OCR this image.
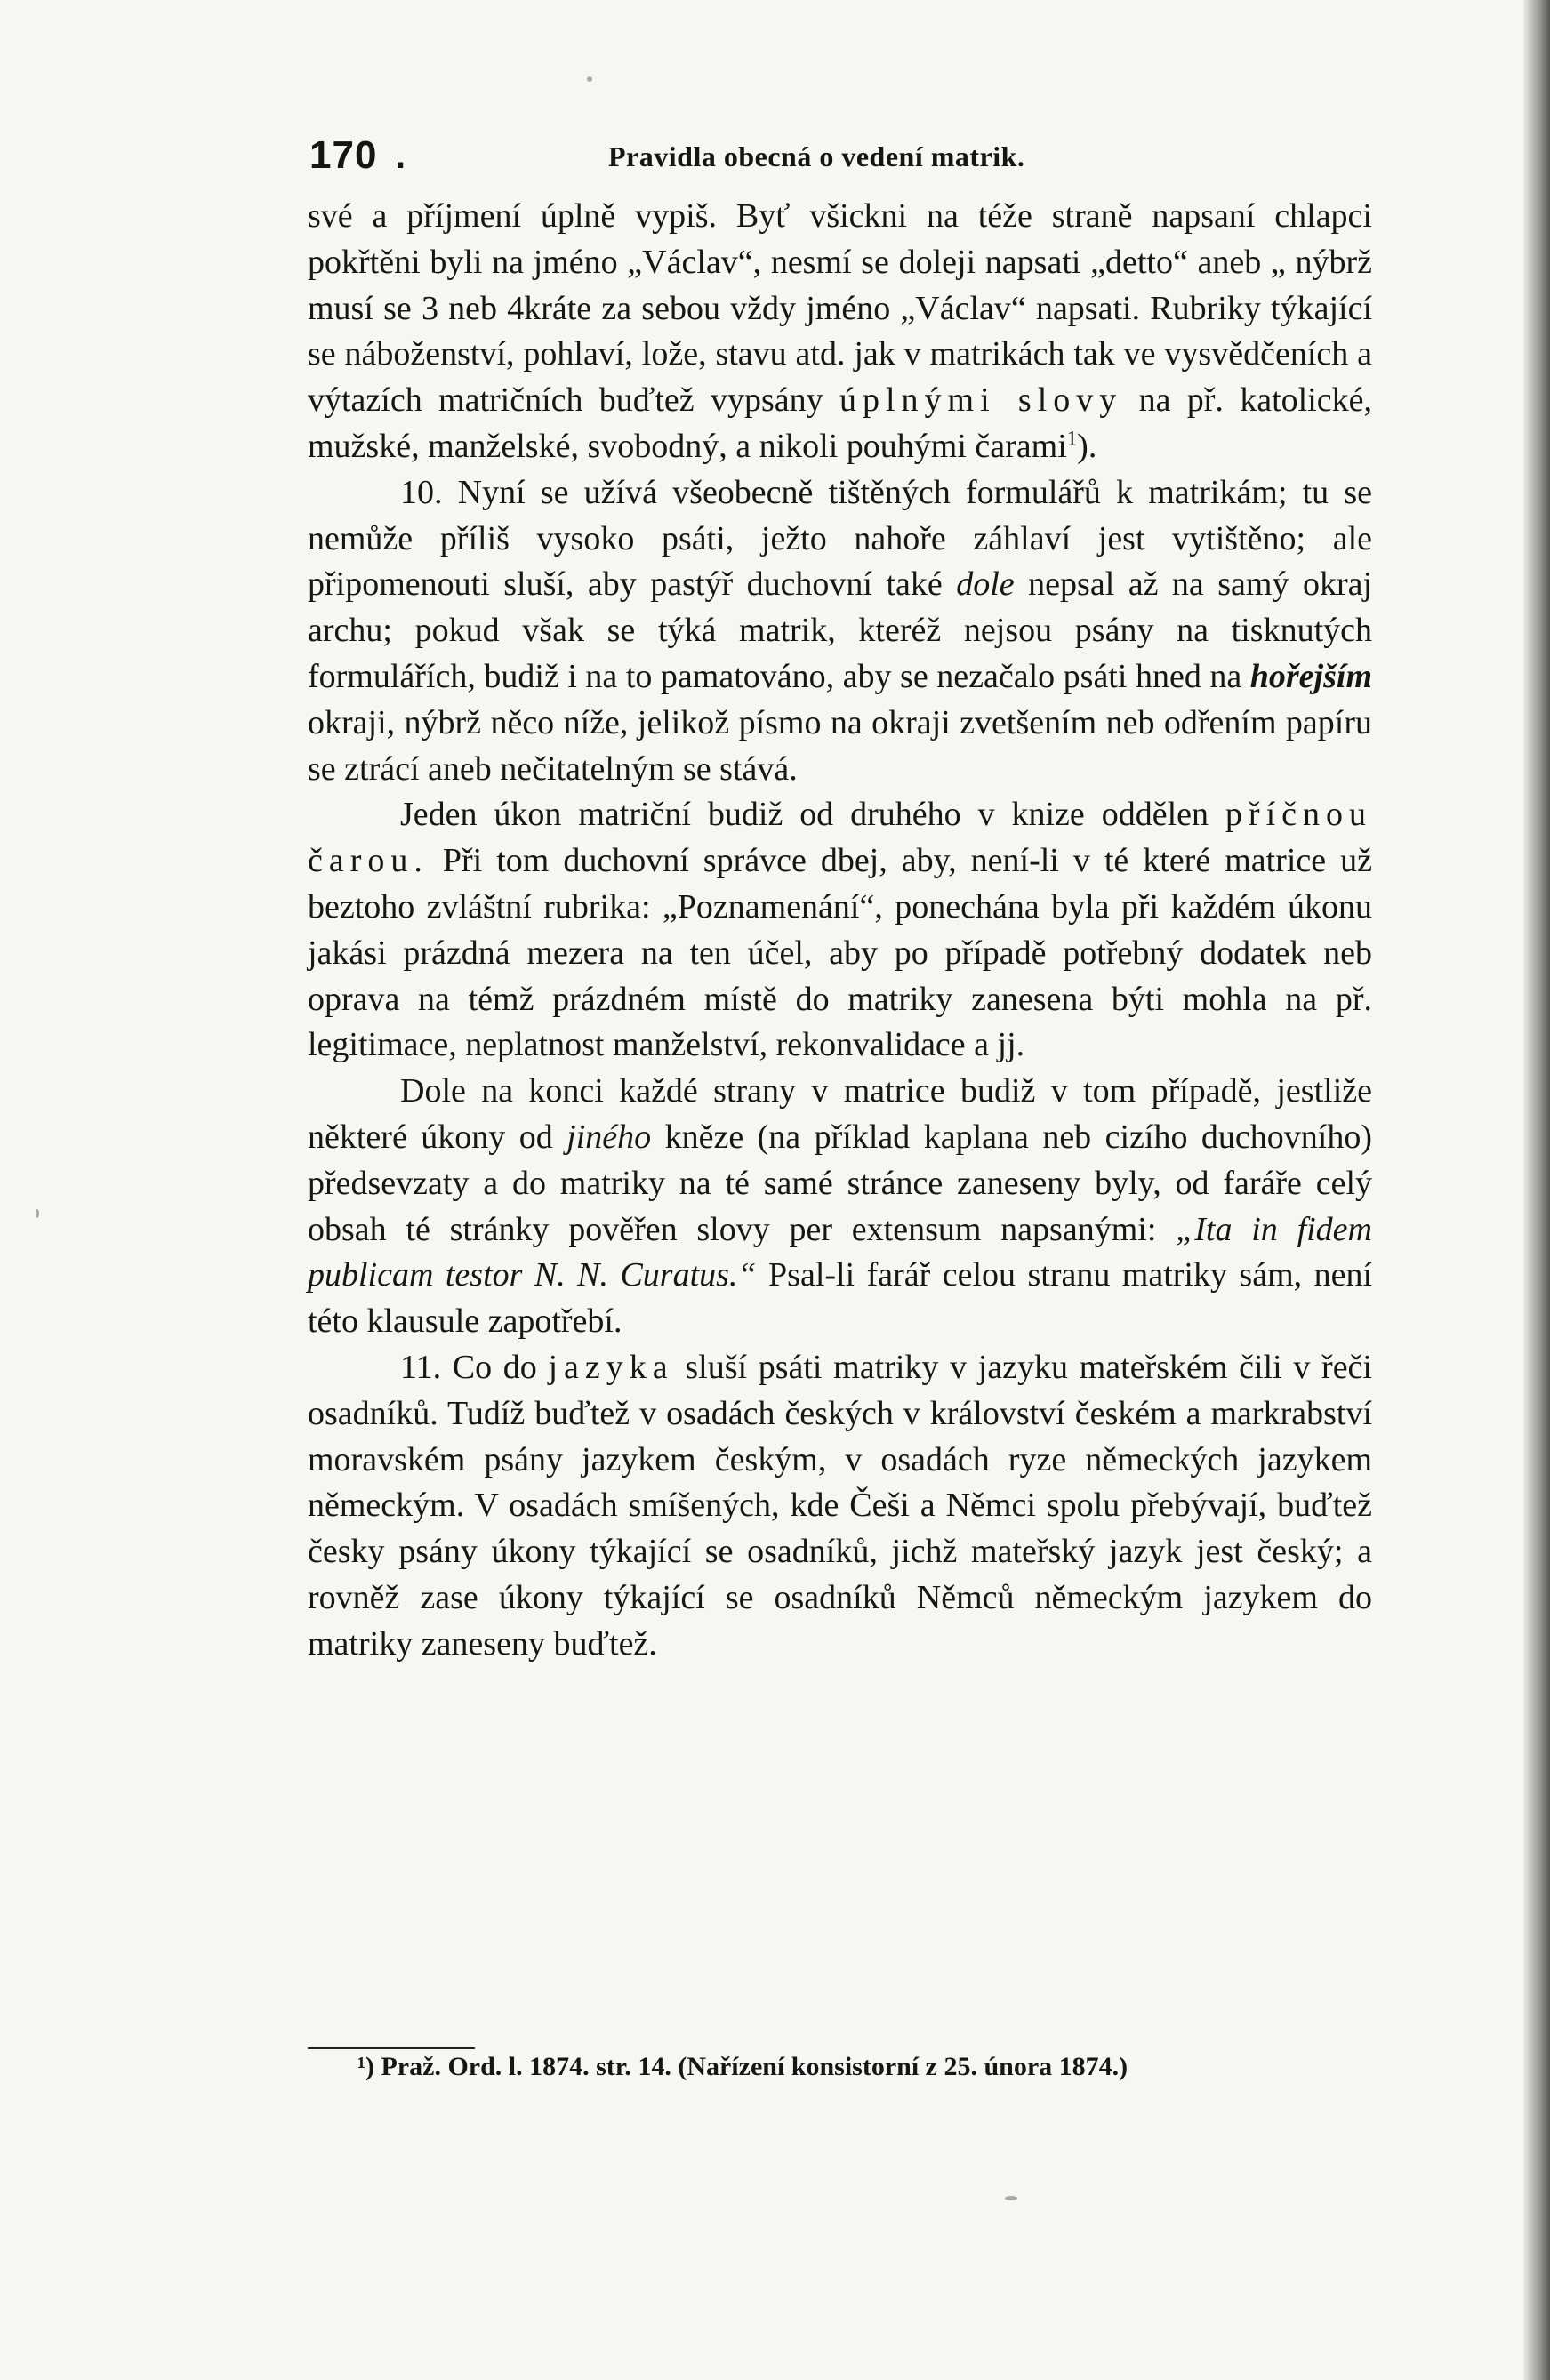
170 .	Pravidla obecná o vedení matrik.

své a příjmení úplně vypiš. Byť všickni na téže straně napsaní chlapci pokřtěni byli na jméno „Václav“, nesmí se doleji napsati „detto“ aneb „ nýbrž musí se 3 neb 4kráte za sebou vždy jméno „Václav“ napsati. Rubriky týkající se náboženství, pohlaví, lože, stavu atd. jak v matrikách tak ve vysvědčeních a výtazích matričních buďtež vypsány úplnými slovy na př. katolické, mužské, manželské, svobodný, a nikoli pouhými čarami$^1$).

10. Nyní se užívá všeobecně tištěných formulářů k matrikám; tu se nemůže příliš vysoko psáti, ježto nahoře záhlaví jest vytištěno; ale připomenouti sluší, aby pastýř duchovní také dole nepsal až na samý okraj archu; pokud však se týká matrik, kteréž nejsou psány na tisknutých formulářích, budiž i na to pamatováno, aby se nezačalo psáti hned na hořejším okraji, nýbrž něco níže, jelikož písmo na okraji zvetšením neb odřením papíru se ztrácí aneb nečitatelným se stává.

Jeden úkon matriční budiž od druhého v knize oddělen příčnou čarou. Při tom duchovní správce dbej, aby, není-li v té které matrice už beztoho zvláštní rubrika: „Poznamenání“, ponechána byla při každém úkonu jakási prázdná mezera na ten účel, aby po případě potřebný dodatek neb oprava na témž prázdném místě do matriky zanesena býti mohla na př. legitimace, neplatnost manželství, rekonvalidace a jj.

Dole na konci každé strany v matrice budiž v tom případě, jestliže některé úkony od jiného kněze (na příklad kaplana neb cizího duchovního) předsevzaty a do matriky na té samé stránce zaneseny byly, od faráře celý obsah té stránky pověřen slovy per extensum napsanými: „Ita in fidem publicam testor N. N. Curatus.“ Psal-li farář celou stranu matriky sám, není této klausule zapotřebí.

11. Co do jazyka sluší psáti matriky v jazyku mateřském čili v řeči osadníků. Tudíž buďtež v osadách českých v království českém a markrabství moravském psány jazykem českým, v osadách ryze německých jazykem německým. V osadách smíšených, kde Češi a Němci spolu přebývají, buďtež česky psány úkony týkající se osadníků, jichž mateřský jazyk jest český; a rovněž zase úkony týkající se osadníků Němců německým jazykem do matriky zaneseny buďtež.

¹) Praž. Ord. l. 1874. str. 14. (Nařízení konsistorní z 25. února 1874.)
